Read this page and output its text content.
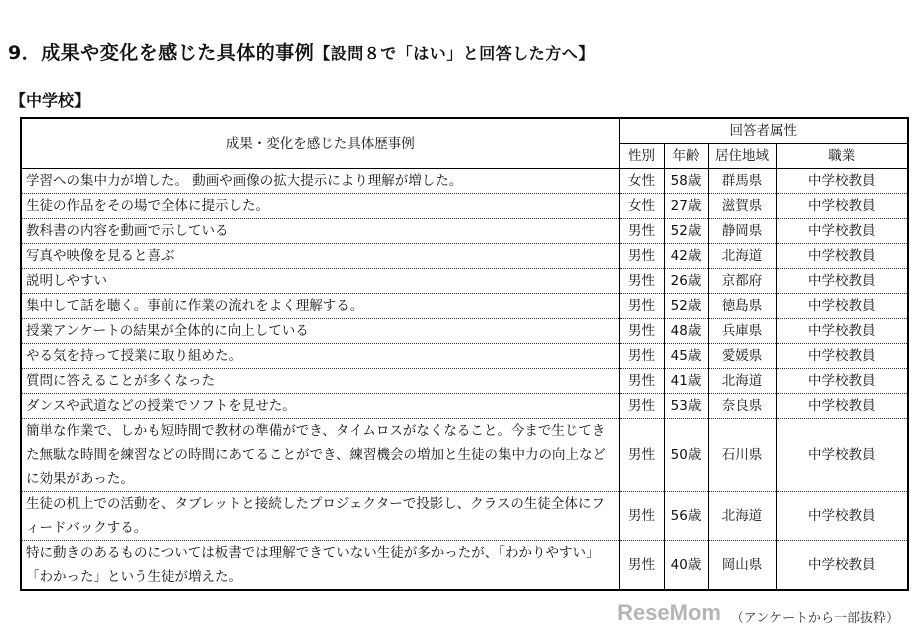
9．成果や変化を感じた具体的事例【設問８で「はい」と回答した方へ】
【中学校】
成果・変化を感じた具体歴事例	回答者属性			
	性別	年齢	居住地域	職業
学習への集中力が増した。 動画や画像の拡大提示により理解が増した。	女性	58歳	群馬県	中学校教員
生徒の作品をその場で全体に提示した。	女性	27歳	滋賀県	中学校教員
教科書の内容を動画で示している	男性	52歳	静岡県	中学校教員
写真や映像を見ると喜ぶ	男性	42歳	北海道	中学校教員
説明しやすい	男性	26歳	京都府	中学校教員
集中して話を聴く。事前に作業の流れをよく理解する。	男性	52歳	徳島県	中学校教員
授業アンケートの結果が全体的に向上している	男性	48歳	兵庫県	中学校教員
やる気を持って授業に取り組めた。	男性	45歳	愛媛県	中学校教員
質問に答えることが多くなった	男性	41歳	北海道	中学校教員
ダンスや武道などの授業でソフトを見せた。	男性	53歳	奈良県	中学校教員
簡単な作業で、しかも短時間で教材の準備ができ、タイムロスがなくなること。今まで生じてきた無駄な時間を練習などの時間にあてることができ、練習機会の増加と生徒の集中力の向上などに効果があった。	男性	50歳	石川県	中学校教員
生徒の机上での活動を、タブレットと接続したプロジェクターで投影し、クラスの生徒全体にフィードバックする。	男性	56歳	北海道	中学校教員
特に動きのあるものについては板書では理解できていない生徒が多かったが、「わかりやすい」「わかった」という生徒が増えた。	男性	40歳	岡山県	中学校教員
ReseMom （アンケートから一部抜粋）
